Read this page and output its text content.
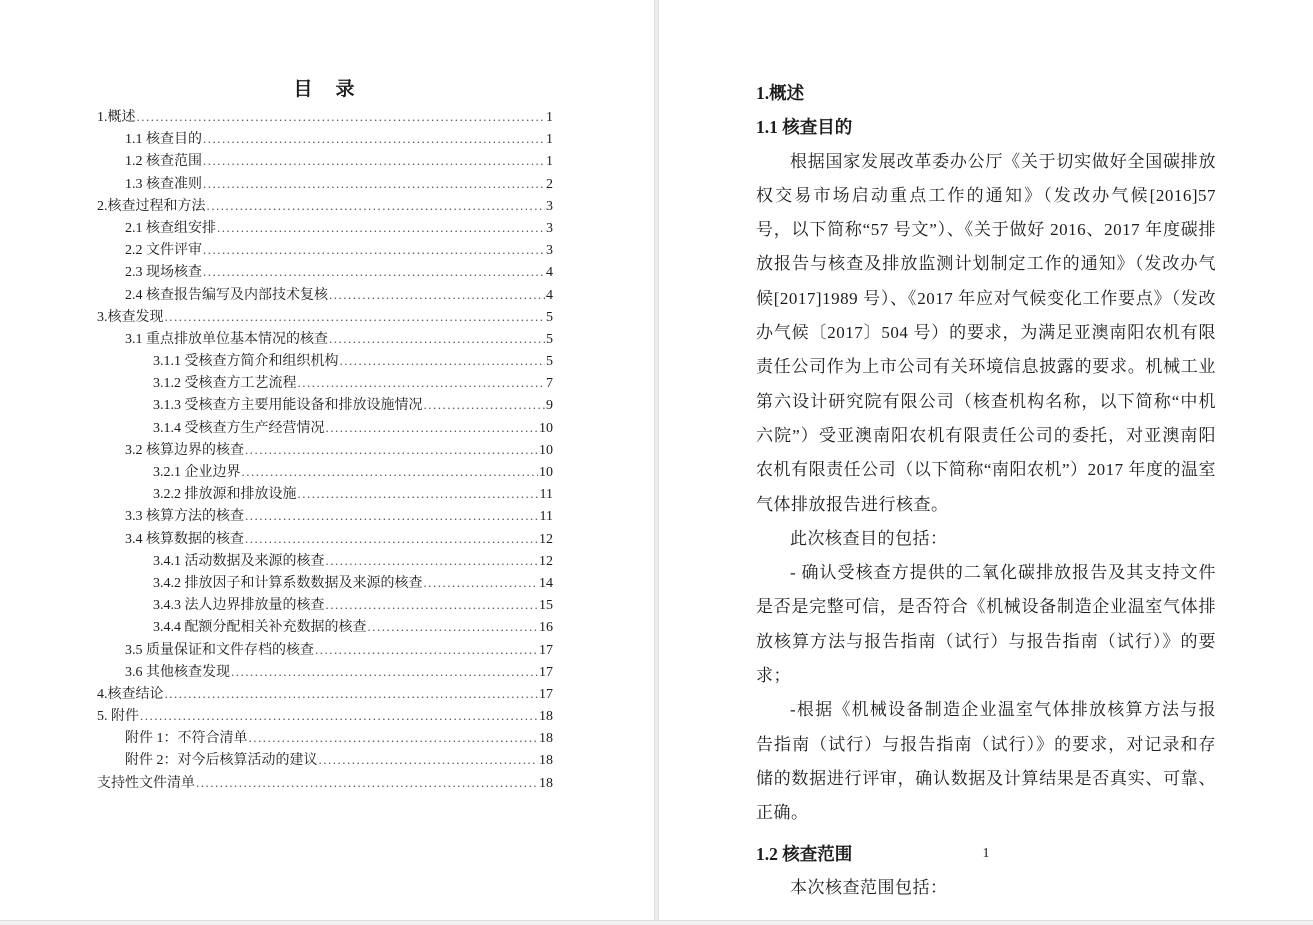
目　录
1.概述 .....	1
1.1 核查目的 .....	1
1.2 核查范围 .....	1
1.3 核查准则 .....	2
2.核查过程和方法 .....	3
2.1 核查组安排 .....	3
2.2 文件评审 .....	3
2.3 现场核查 .....	4
2.4 核查报告编写及内部技术复核 .....	4
3.核查发现 .....	5
3.1 重点排放单位基本情况的核查 .....	5
3.1.1 受核查方简介和组织机构 .....	5
3.1.2 受核查方工艺流程 .....	7
3.1.3 受核查方主要用能设备和排放设施情况 .....	9
3.1.4 受核查方生产经营情况 .....	10
3.2 核算边界的核查 .....	10
3.2.1 企业边界 .....	10
3.2.2 排放源和排放设施 .....	11
3.3 核算方法的核查 .....	11
3.4 核算数据的核查 .....	12
3.4.1 活动数据及来源的核查 .....	12
3.4.2 排放因子和计算系数数据及来源的核查 .....	14
3.4.3 法人边界排放量的核查 .....	15
3.4.4 配额分配相关补充数据的核查 .....	16
3.5 质量保证和文件存档的核查 .....	17
3.6 其他核查发现 .....	17
4.核查结论 .....	17
5. 附件 .....	18
附件 1：不符合清单 .....	18
附件 2：对今后核算活动的建议 .....	18
支持性文件清单 .....	18
1.概述
1.1 核查目的

根据国家发展改革委办公厅《关于切实做好全国碳排放权交易市场启动重点工作的通知》（发改办气候[2016]57 号，以下简称“57 号文”）、《关于做好 2016、2017 年度碳排放报告与核查及排放监测计划制定工作的通知》（发改办气候[2017]1989 号）、《2017 年应对气候变化工作要点》（发改办气候〔2017〕504 号）的要求，为满足亚澳南阳农机有限责任公司作为上市公司有关环境信息披露的要求。机械工业第六设计研究院有限公司（核查机构名称，以下简称“中机六院”）受亚澳南阳农机有限责任公司的委托，对亚澳南阳农机有限责任公司（以下简称“南阳农机”）2017 年度的温室气体排放报告进行核查。

此次核查目的包括：

- 确认受核查方提供的二氧化碳排放报告及其支持文件是否是完整可信，是否符合《机械设备制造企业温室气体排放核算方法与报告指南（试行）与报告指南（试行）》的要求；

-根据《机械设备制造企业温室气体排放核算方法与报告指南（试行）与报告指南（试行）》的要求，对记录和存储的数据进行评审，确认数据及计算结果是否真实、可靠、正确。

1.2 核查范围

本次核查范围包括：

1
